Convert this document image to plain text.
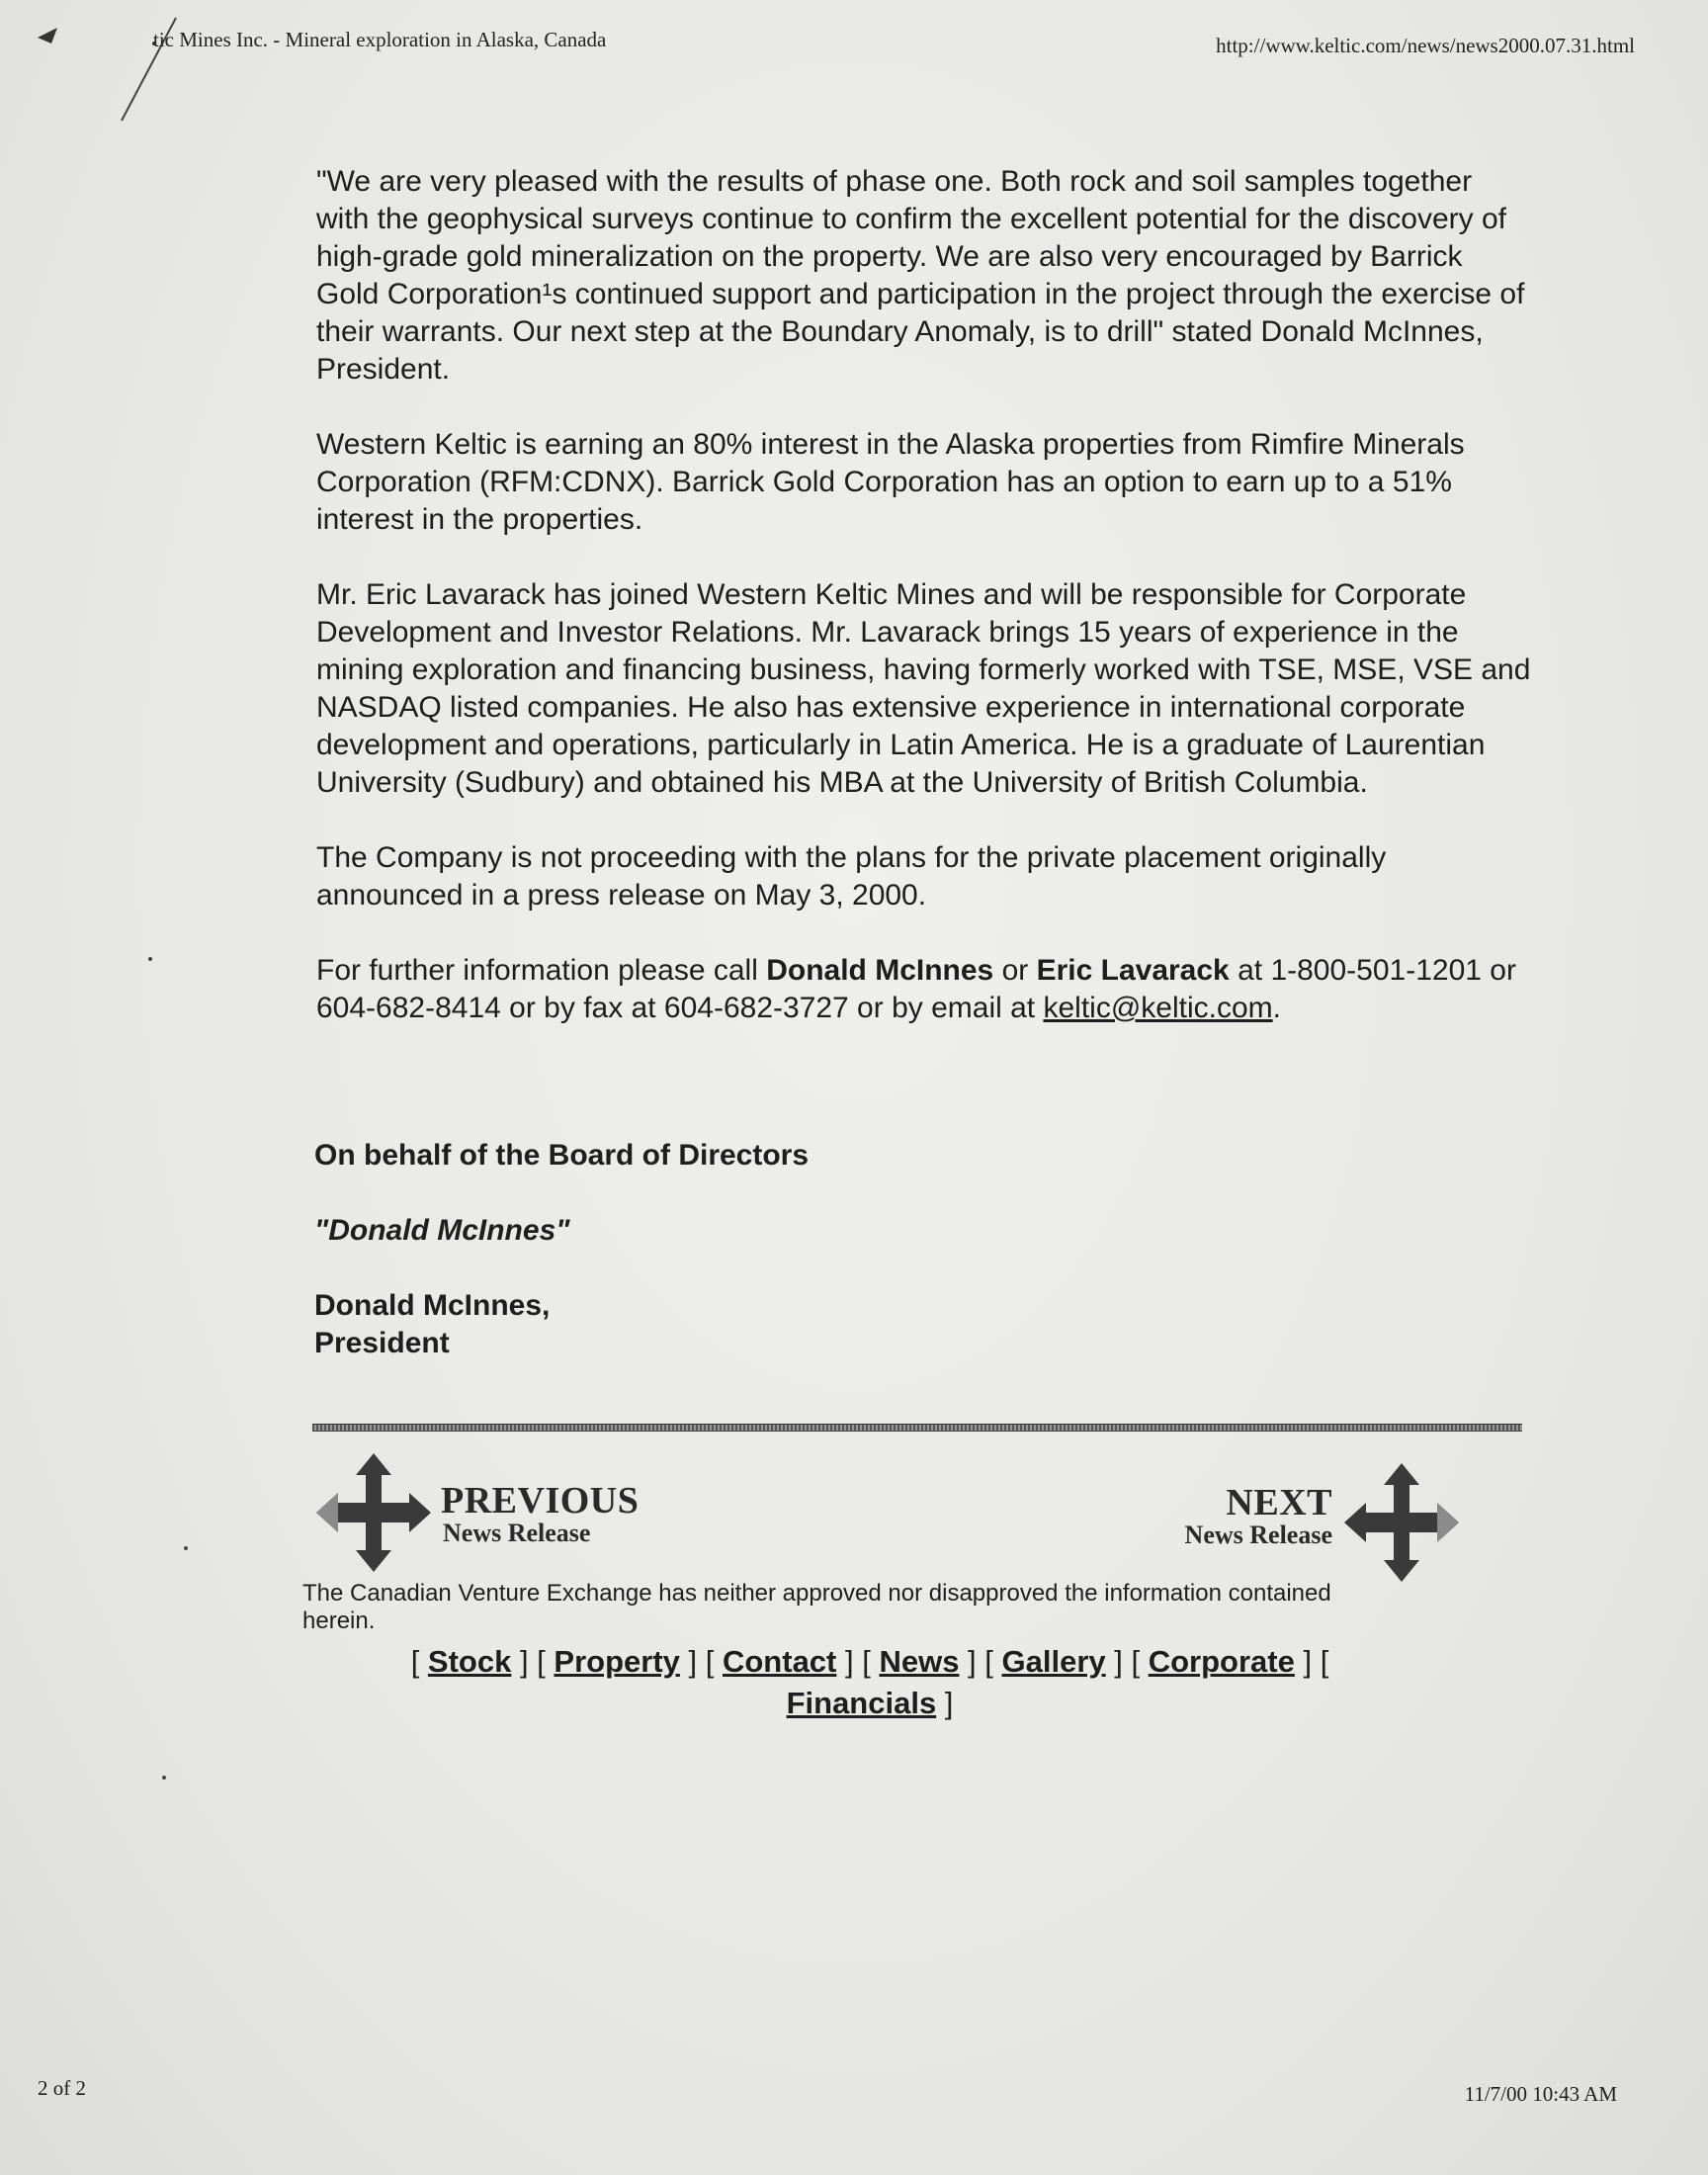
tic Mines Inc. - Mineral exploration in Alaska, Canada	http://www.keltic.com/news/news2000.07.31.html

"We are very pleased with the results of phase one. Both rock and soil samples together with the geophysical surveys continue to confirm the excellent potential for the discovery of high-grade gold mineralization on the property. We are also very encouraged by Barrick Gold Corporation¹s continued support and participation in the project through the exercise of their warrants. Our next step at the Boundary Anomaly, is to drill" stated Donald McInnes, President.

Western Keltic is earning an 80% interest in the Alaska properties from Rimfire Minerals Corporation (RFM:CDNX). Barrick Gold Corporation has an option to earn up to a 51% interest in the properties.

Mr. Eric Lavarack has joined Western Keltic Mines and will be responsible for Corporate Development and Investor Relations. Mr. Lavarack brings 15 years of experience in the mining exploration and financing business, having formerly worked with TSE, MSE, VSE and NASDAQ listed companies. He also has extensive experience in international corporate development and operations, particularly in Latin America. He is a graduate of Laurentian University (Sudbury) and obtained his MBA at the University of British Columbia.

The Company is not proceeding with the plans for the private placement originally announced in a press release on May 3, 2000.

For further information please call Donald McInnes or Eric Lavarack at 1-800-501-1201 or 604-682-8414 or by fax at 604-682-3727 or by email at keltic@keltic.com.

On behalf of the Board of Directors
"Donald McInnes"
Donald McInnes,
President
PREVIOUS
News Release
NEXT
News Release
The Canadian Venture Exchange has neither approved nor disapproved the information contained herein.
[ Stock ] [ Property ] [ Contact ] [ News ] [ Gallery ] [ Corporate ] [
Financials ]
2 of 2	11/7/00 10:43 AM
